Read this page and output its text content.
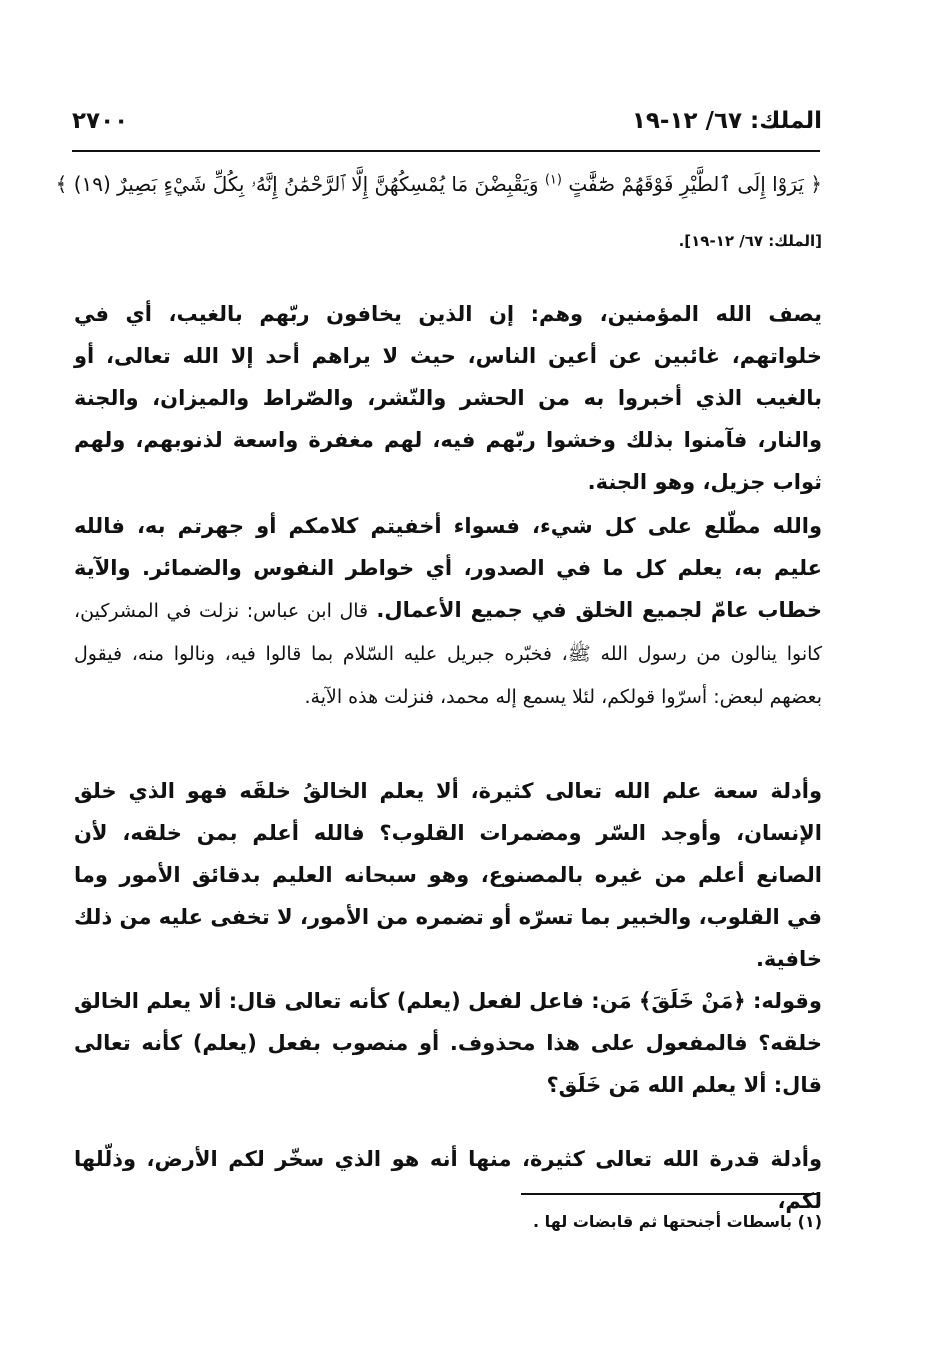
الملك: ٦٧/ ١٢-١٩
٢٧٠٠
﴿ يَرَوْا إِلَى ٱلطَّيْرِ فَوْقَهُمْ صَٰٓفَّٰتٍ $^{(١)}$ وَيَقْبِضْنَ مَا يُمْسِكُهُنَّ إِلَّا ٱلرَّحْمَٰنُ إِنَّهُۥ بِكُلِّ شَيْءٍ بَصِيرٌ (١٩) ﴾
[الملك: ٦٧/ ١٢-١٩].

يصف الله المؤمنين، وهم: إن الذين يخافون ربّهم بالغيب، أي في خلواتهم، غائبين عن أعين الناس، حيث لا يراهم أحد إلا الله تعالى، أو بالغيب الذي أخبروا به من الحشر والنّشر، والصّراط والميزان، والجنة والنار، فآمنوا بذلك وخشوا ربّهم فيه، لهم مغفرة واسعة لذنوبهم، ولهم ثواب جزيل، وهو الجنة.

والله مطّلع على كل شيء، فسواء أخفيتم كلامكم أو جهرتم به، فالله عليم به، يعلم كل ما في الصدور، أي خواطر النفوس والضمائر. والآية خطاب عامّ لجميع الخلق في جميع الأعمال. قال ابن عباس: نزلت في المشركين، كانوا ينالون من رسول الله ﷺ، فخبّره جبريل عليه السّلام بما قالوا فيه، ونالوا منه، فيقول بعضهم لبعض: أسرّوا قولكم، لئلا يسمع إله محمد، فنزلت هذه الآية.

وأدلة سعة علم الله تعالى كثيرة، ألا يعلم الخالقُ خلقَه فهو الذي خلق الإنسان، وأوجد السّر ومضمرات القلوب؟ فالله أعلم بمن خلقه، لأن الصانع أعلم من غيره بالمصنوع، وهو سبحانه العليم بدقائق الأمور وما في القلوب، والخبير بما تسرّه أو تضمره من الأمور، لا تخفى عليه من ذلك خافية.

وقوله: ﴿مَنْ خَلَقَ﴾ مَن: فاعل لفعل (يعلم) كأنه تعالى قال: ألا يعلم الخالق خلقه؟ فالمفعول على هذا محذوف. أو منصوب بفعل (يعلم) كأنه تعالى قال: ألا يعلم الله مَن خَلَق؟

وأدلة قدرة الله تعالى كثيرة، منها أنه هو الذي سخّر لكم الأرض، وذلّلها لكم،

(١) باسطات أجنحتها ثم قابضات لها .
